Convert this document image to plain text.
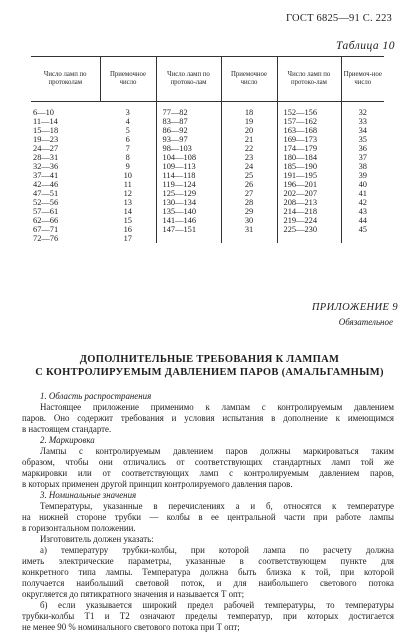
ГОСТ 6825—91 С. 223
Таблица 10
Число ламп по протоколам	Приемочное число	Число ламп по протоко-лам	Приемочное число	Число ламп по протоко-лам	Приемоч-ное число

6—10	3	77—82	18	152—156	32
11—14	4	83—87	19	157—162	33
15—18	5	86—92	20	163—168	34
19—23	6	93—97	21	169—173	35
24—27	7	98—103	22	174—179	36
28—31	8	104—108	23	180—184	37
32—36	9	109—113	24	185—190	38
37—41	10	114—118	25	191—195	39
42—46	11	119—124	26	196—201	40
47—51	12	125—129	27	202—207	41
52—56	13	130—134	28	208—213	42
57—61	14	135—140	29	214—218	43
62—66	15	141—146	30	219—224	44
67—71	16	147—151	31	225—230	45
72—76	17				
ПРИЛОЖЕНИЕ 9
Обязательное
ДОПОЛНИТЕЛЬНЫЕ ТРЕБОВАНИЯ К ЛАМПАМ
С КОНТРОЛИРУЕМЫМ ДАВЛЕНИЕМ ПАРОВ (АМАЛЬГАМНЫМ)
1. Область распространения
Настоящее приложение применимо к лампам с контролируемым давлением
паров. Оно содержит требования и условия испытания в дополнение к имеющимся
в настоящем стандарте.
2. Маркировка
Лампы с контролируемым давлением паров должны маркироваться таким
образом, чтобы они отличались от соответствующих стандартных ламп той же
маркировки или от соответствующих ламп с контролируемым давлением паров,
в которых применен другой принцип контролируемого давления паров.
3. Номинальные значения
Температуры, указанные в перечислениях а и б, относятся к температуре
на нижней стороне трубки — колбы в ее центральной части при работе лампы
в горизонтальном положении.
Изготовитель должен указать:
а) температуру трубки-колбы, при которой лампа по расчету должна
иметь электрические параметры, указанные в соответствующем пункте для
конкретного типа лампы. Температура должна быть близка к той, при которой
получается наибольший световой поток, и для наибольшего светового потока
округляется до пятикратного значения и называется Т опт;
б) если указывается широкий предел рабочей температуры, то температуры
трубки-колбы Т1 и Т2 означают пределы температур, при которых достигается
не менее 90 % номинального светового потока при Т опт;
